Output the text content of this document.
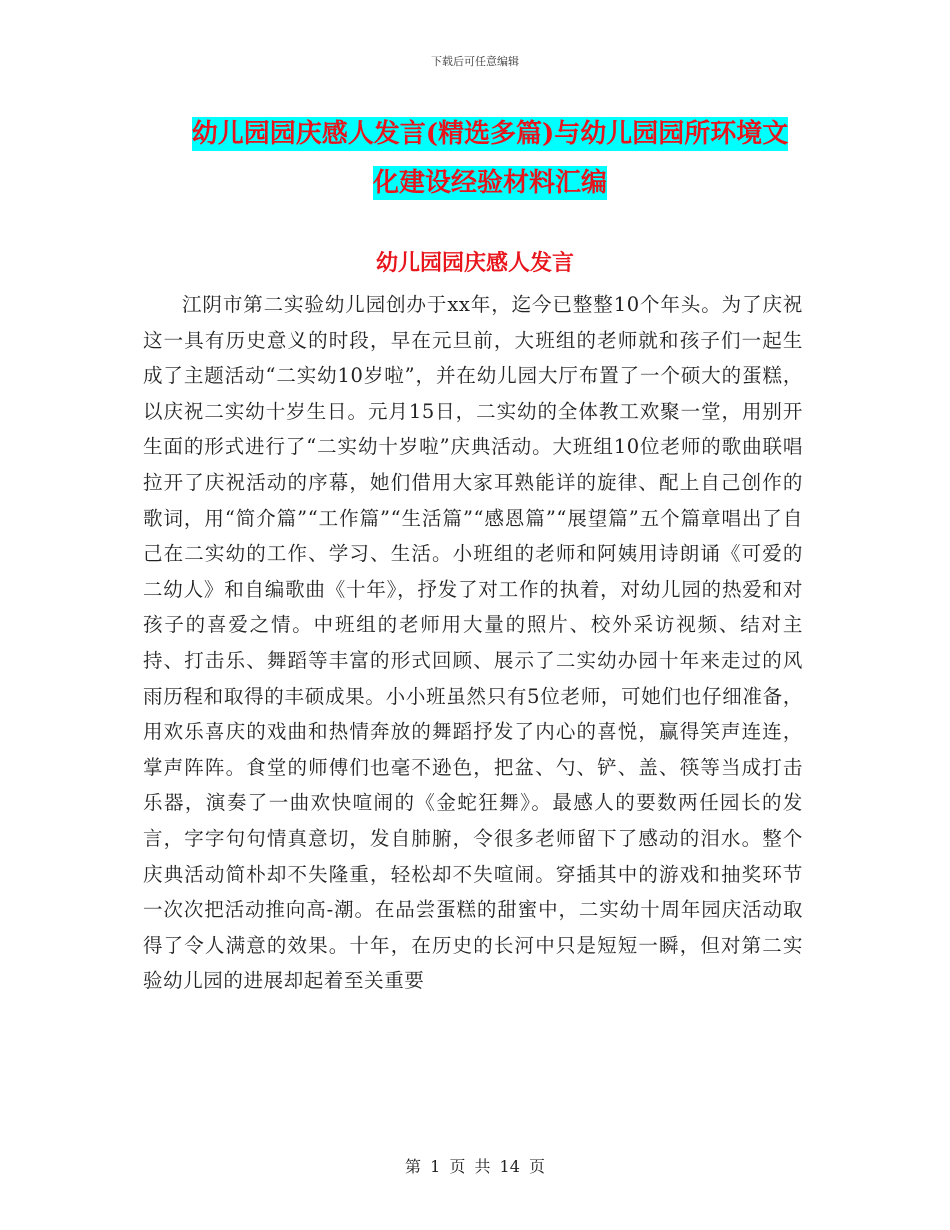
下载后可任意编辑
幼儿园园庆感人发言(精选多篇)与幼儿园园所环境文
化建设经验材料汇编
幼儿园园庆感人发言

江阴市第二实验幼儿园创办于xx年，迄今已整整10个年头。为了庆祝这一具有历史意义的时段，早在元旦前，大班组的老师就和孩子们一起生成了主题活动“二实幼10岁啦”，并在幼儿园大厅布置了一个硕大的蛋糕，以庆祝二实幼十岁生日。元月15日，二实幼的全体教工欢聚一堂，用别开生面的形式进行了“二实幼十岁啦”庆典活动。大班组10位老师的歌曲联唱拉开了庆祝活动的序幕，她们借用大家耳熟能详的旋律、配上自己创作的歌词，用“简介篇”“工作篇”“生活篇”“感恩篇”“展望篇”五个篇章唱出了自己在二实幼的工作、学习、生活。小班组的老师和阿姨用诗朗诵《可爱的二幼人》和自编歌曲《十年》，抒发了对工作的执着，对幼儿园的热爱和对孩子的喜爱之情。中班组的老师用大量的照片、校外采访视频、结对主持、打击乐、舞蹈等丰富的形式回顾、展示了二实幼办园十年来走过的风雨历程和取得的丰硕成果。小小班虽然只有5位老师，可她们也仔细准备，用欢乐喜庆的戏曲和热情奔放的舞蹈抒发了内心的喜悦，赢得笑声连连，掌声阵阵。食堂的师傅们也毫不逊色，把盆、勺、铲、盖、筷等当成打击乐器，演奏了一曲欢快喧闹的《金蛇狂舞》。最感人的要数两任园长的发言，字字句句情真意切，发自肺腑，令很多老师留下了感动的泪水。整个庆典活动简朴却不失隆重，轻松却不失喧闹。穿插其中的游戏和抽奖环节一次次把活动推向高-潮。在品尝蛋糕的甜蜜中，二实幼十周年园庆活动取得了令人满意的效果。十年，在历史的长河中只是短短一瞬，但对第二实验幼儿园的进展却起着至关重要

第 1 页 共 14 页
